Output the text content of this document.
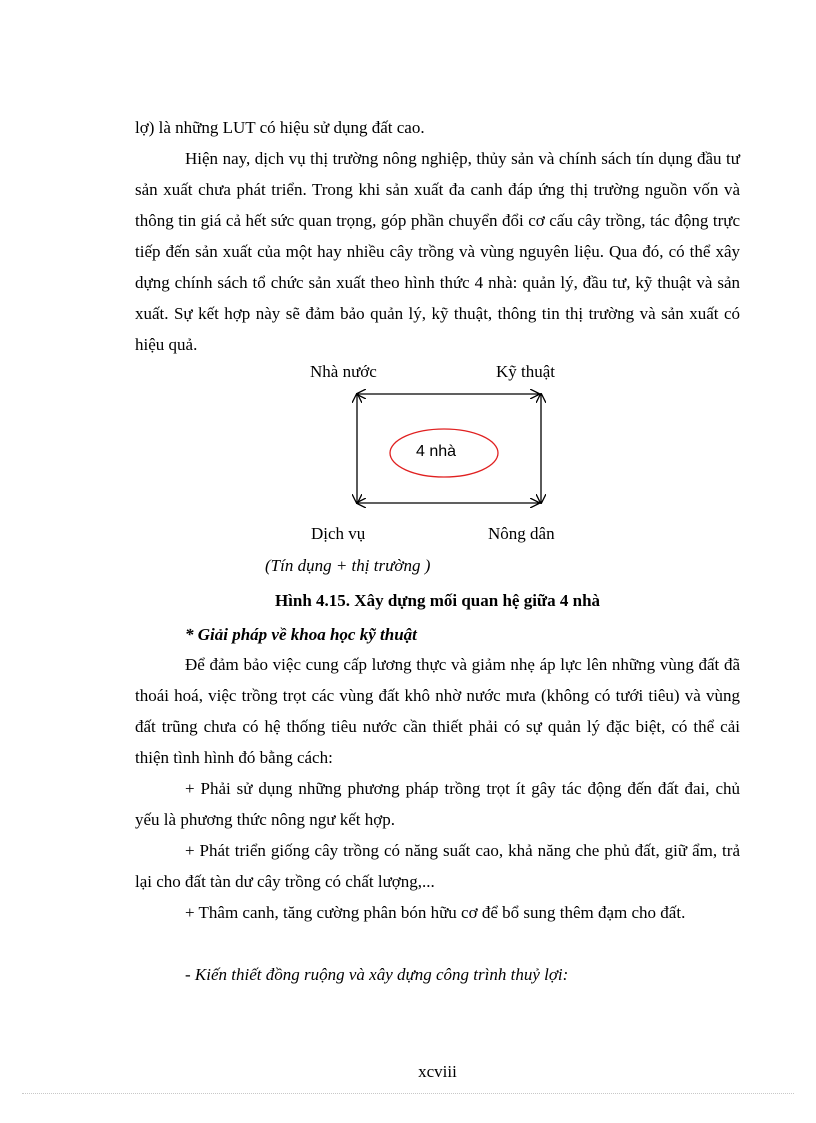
lợ) là những LUT có hiệu sử dụng đất cao.

Hiện nay, dịch vụ thị trường nông nghiệp, thủy sản và chính sách tín dụng đầu tư sản xuất chưa phát triển. Trong khi sản xuất đa canh đáp ứng thị trường nguồn vốn và thông tin giá cả hết sức quan trọng, góp phần chuyển đổi cơ cấu cây trồng, tác động trực tiếp đến sản xuất của một hay nhiều cây trồng và vùng nguyên liệu. Qua đó, có thể xây dựng chính sách tổ chức sản xuất theo hình thức 4 nhà: quản lý, đầu tư, kỹ thuật và sản xuất. Sự kết hợp này sẽ đảm bảo quản lý, kỹ thuật, thông tin thị trường và sản xuất có hiệu quả.

Nhà nước	Kỹ thuật
4 nhà
Dịch vụ	Nông dân
(Tín dụng + thị trường )
Hình 4.15. Xây dựng mối quan hệ giữa 4 nhà
* Giải pháp về khoa học kỹ thuật

Để đảm bảo việc cung cấp lương thực và giảm nhẹ áp lực lên những vùng đất đã thoái hoá, việc trồng trọt các vùng đất khô nhờ nước mưa (không có tưới tiêu) và vùng đất trũng chưa có hệ thống tiêu nước cần thiết phải có sự quản lý đặc biệt, có thể cải thiện tình hình đó bằng cách:

+ Phải sử dụng những phương pháp trồng trọt ít gây tác động đến đất đai, chủ yếu là phương thức nông ngư kết hợp.

+ Phát triển giống cây trồng có năng suất cao, khả năng che phủ đất, giữ ẩm, trả lại cho đất tàn dư cây trồng có chất lượng,...

+ Thâm canh, tăng cường phân bón hữu cơ để bổ sung thêm đạm cho đất.

- Kiến thiết đồng ruộng và xây dựng công trình thuỷ lợi:

xcviii
